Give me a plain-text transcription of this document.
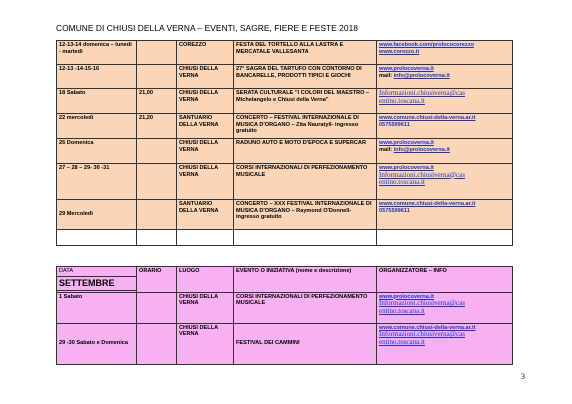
COMUNE DI CHIUSI DELLA VERNA – EVENTI, SAGRE, FIERE E FESTE 2018
12-13-14 domenica – lunedì - martedì		COREZZO	FESTA DEL TORTELLO ALLA LASTRA E MERCATALE VALLESANTA	www.facebook.com/prolococorezzo
www.corezzo.it

12-13 -14-15-16		CHIUSI DELLA VERNA	27° SAGRA DEL TARTUFO CON CONTORNO DI BANCARELLE, PRODOTTI TIPICI E GIOCHI	www.prolocoverna.it
mail: info@prolocoverna.it

18 Sabato	21,00	CHIUSI DELLA VERNA	SERATA CULTURALE "I COLORI DEL MAESTRO – Michelangelo e Chiusi della Verna"	Informazioni.chiusiverna@cas entino.toscana.it

22 mercoledì	21,20	SANTUARIO DELLA VERNA	CONCERTO – FESTIVAL INTERNAZIONALE DI MUSICA D'ORGANO – Zita Nauratyil- ingresso gratuito	www.comune.chiusi-della-verna.ar.it
0575599611

26 Domenica		CHIUSI DELLA VERNA	RADUNO AUTO E MOTO D'EPOCA E SUPERCAR	www.prolocoverna.it
mail: info@prolocoverna.it

27 – 28 – 29- 30 -31		CHIUSI DELLA VERNA	CORSI INTERNAZIONALI DI PERFEZIONAMENTO MUSICALE	www.prolocoverna.it
Informazioni.chiusiverna@cas entino.toscana.it

29 Mercoledì		SANTUARIO DELLA VERNA	CONCERTO – XXX FESTIVAL INTERNAZIONALE DI MUSICA D'ORGANO – Raymond O'Donnell- ingresso gratuito	www.comune.chiusi-della-verna.ar.it
0575599611

DATA
SETTEMBRE	ORARIO	LUOGO	EVENTO O INIZIATIVA (nome e descrizione)	ORGANIZZATORE – INFO
1 Sabato		CHIUSI DELLA VERNA	CORSI INTERNAZIONALI DI PERFEZIONAMENTO MUSICALE	www.prolocoverna.it
Informazioni.chiusiverna@cas entino.toscana.it

29 -30 Sabato e Domenica		CHIUSI DELLA VERNA	FESTIVAL DEI CAMMINI	www.comune.chiusi-della-verna.ar.it
Informazioni.chiusiverna@cas entino.toscana.it
3
